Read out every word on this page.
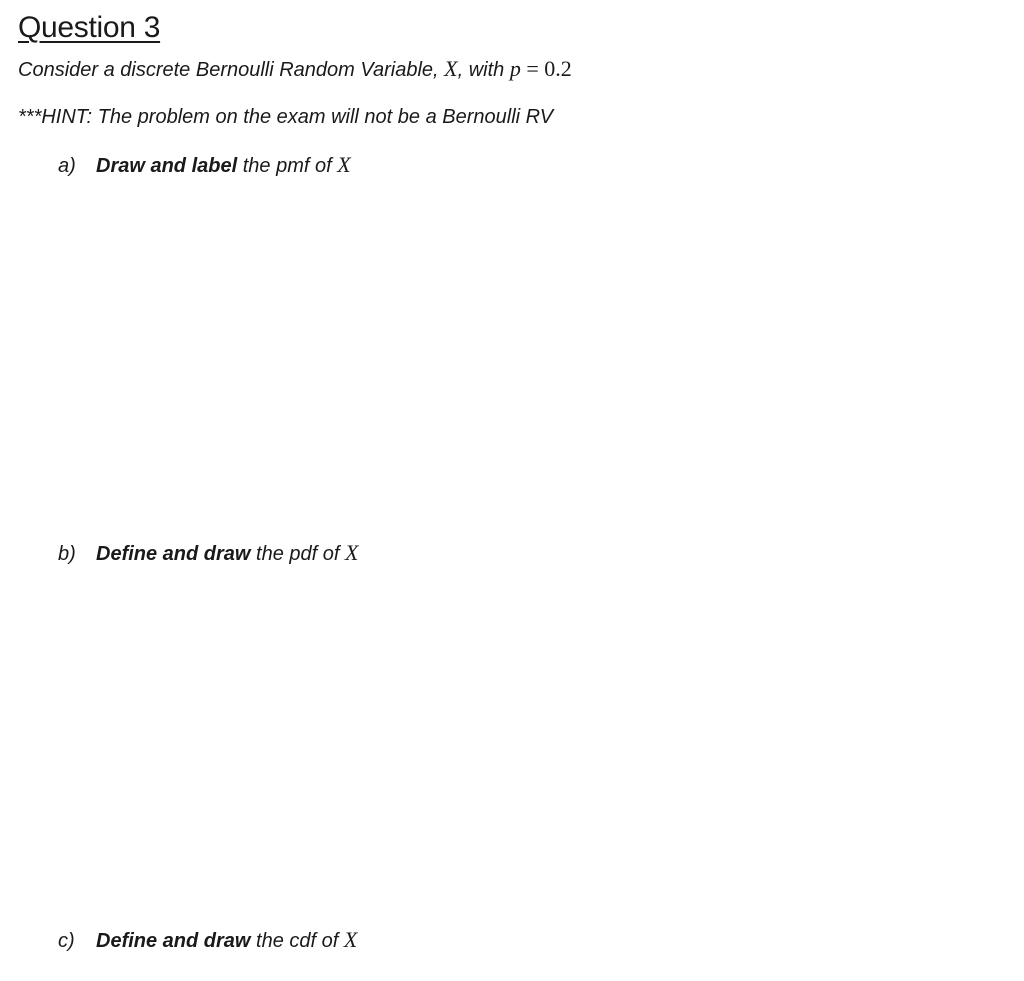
Question 3
Consider a discrete Bernoulli Random Variable, X, with p = 0.2
***HINT: The problem on the exam will not be a Bernoulli RV
a) Draw and label the pmf of X
b) Define and draw the pdf of X
c) Define and draw the cdf of X
